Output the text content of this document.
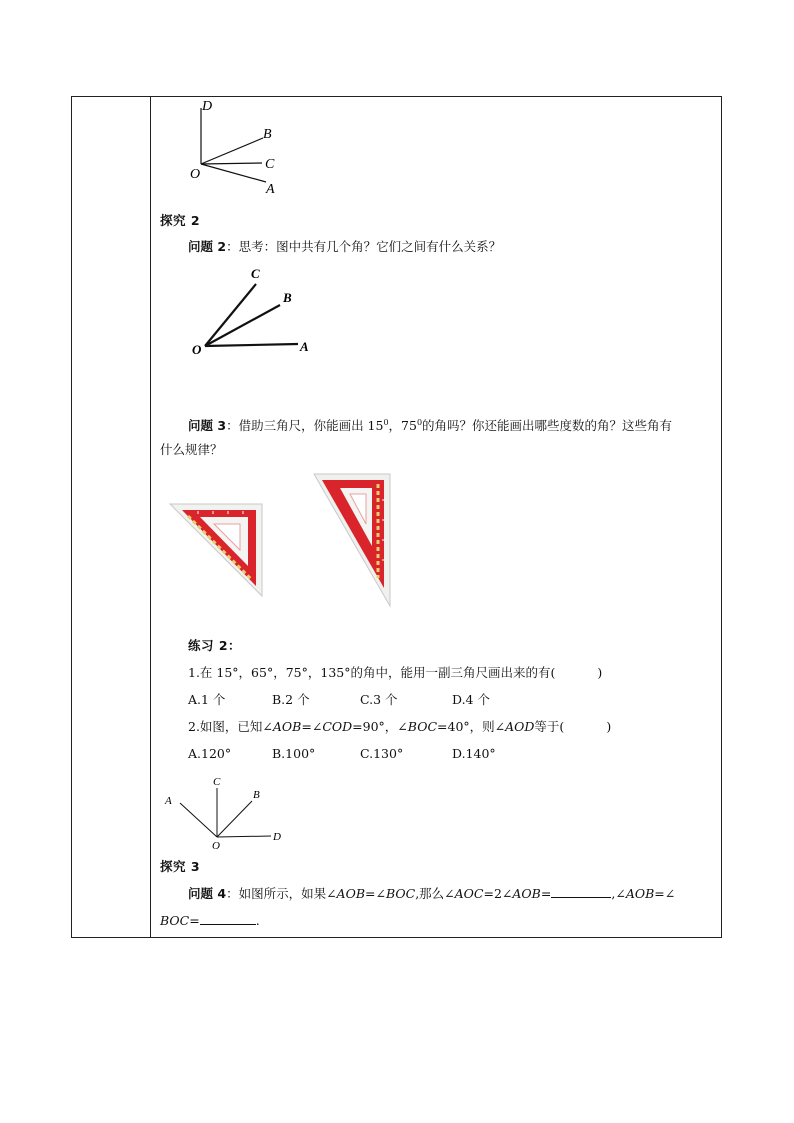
D
B
C
O
A
探究 2
问题 2：思考：图中共有几个角？它们之间有什么关系？
C
B
O	A
问题 3：借助三角尺，你能画出 $15^0$，$75^0$的角吗？你还能画出哪些度数的角？这些角有
什么规律？
练习 2：
1.在 15°，65°，75°，135°的角中，能用一副三角尺画出来的有(	)
A.1 个	B.2 个	C.3 个	D.4 个
2.如图，已知∠AOB=∠COD=90°，∠BOC=40°，则∠AOD等于(	)
A.120°	B.100°	C.130°	D.140°
C
B
A
O
D
探究 3
问题 4：如图所示，如果∠AOB=∠BOC,那么∠AOC=2∠AOB=	,∠AOB=∠
BOC=	.
